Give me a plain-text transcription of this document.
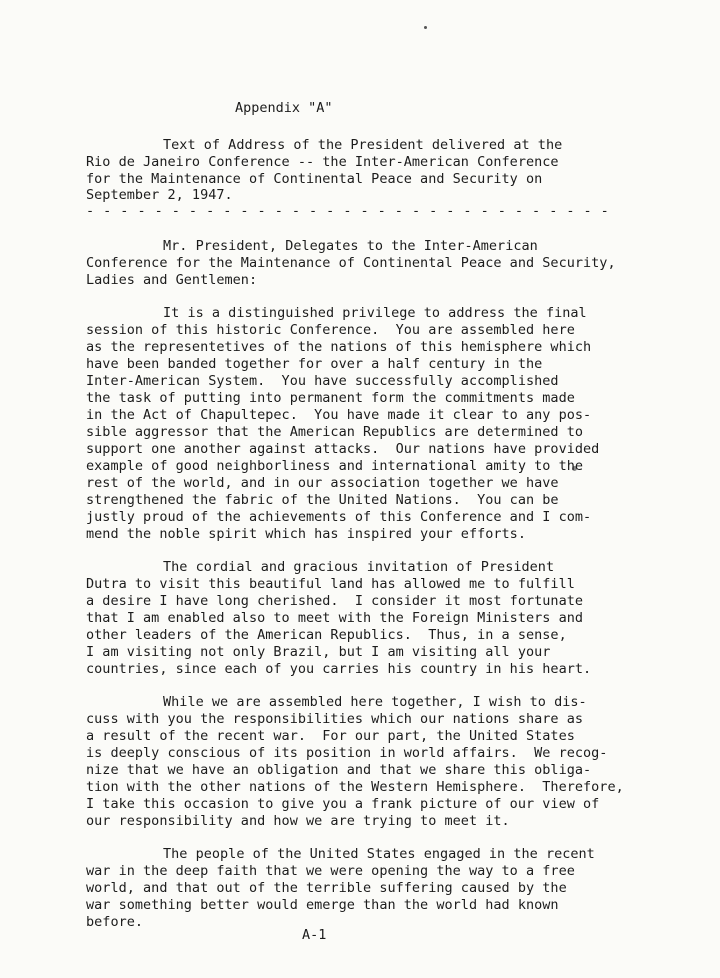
Appendix "A"
Text of Address of the President delivered at the
Rio de Janeiro Conference -- the Inter-American Conference
for the Maintenance of Continental Peace and Security on
September 2, 1947.
- - - - - - - - - - - - - - - - - - - - - - - - - - - - - - -
Mr. President, Delegates to the Inter-American
Conference for the Maintenance of Continental Peace and Security,
Ladies and Gentlemen:
It is a distinguished privilege to address the final
session of this historic Conference.  You are assembled here
as the representetives of the nations of this hemisphere which
have been banded together for over a half century in the
Inter-American System.  You have successfully accomplished
the task of putting into permanent form the commitments made
in the Act of Chapultepec.  You have made it clear to any pos-
sible aggressor that the American Republics are determined to
support one another against attacks.  Our nations have provided
example of good neighborliness and international amity to the
rest of the world, and in our association together we have
strengthened the fabric of the United Nations.  You can be
justly proud of the achievements of this Conference and I com-
mend the noble spirit which has inspired your efforts.
The cordial and gracious invitation of President
Dutra to visit this beautiful land has allowed me to fulfill
a desire I have long cherished.  I consider it most fortunate
that I am enabled also to meet with the Foreign Ministers and
other leaders of the American Republics.  Thus, in a sense,
I am visiting not only Brazil, but I am visiting all your
countries, since each of you carries his country in his heart.
While we are assembled here together, I wish to dis-
cuss with you the responsibilities which our nations share as
a result of the recent war.  For our part, the United States
is deeply conscious of its position in world affairs.  We recog-
nize that we have an obligation and that we share this obliga-
tion with the other nations of the Western Hemisphere.  Therefore,
I take this occasion to give you a frank picture of our view of
our responsibility and how we are trying to meet it.
The people of the United States engaged in the recent
war in the deep faith that we were opening the way to a free
world, and that out of the terrible suffering caused by the
war something better would emerge than the world had known
before.
A-1
